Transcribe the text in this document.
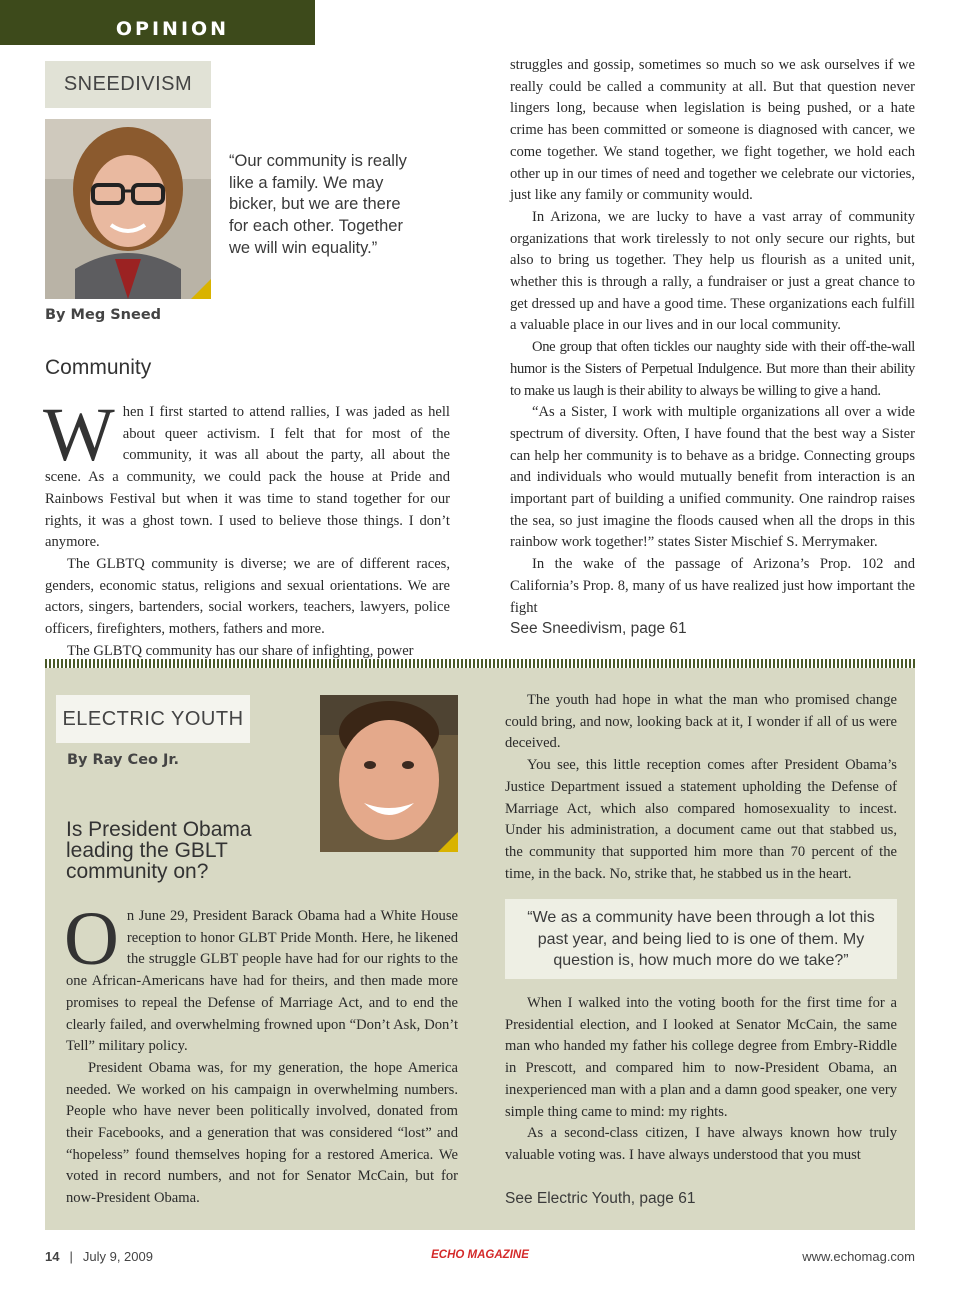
OPINION
SNEEDIVISM
“Our community is really like a family. We may bicker, but we are there for each other. Together we will win equality.”
By Meg Sneed
Community

When I first started to attend rallies, I was jaded as hell about queer activism. I felt that for most of the community, it was all about the party, all about the scene. As a community, we could pack the house at Pride and Rainbows Festival but when it was time to stand together for our rights, it was a ghost town. I used to believe those things. I don’t anymore.

The GLBTQ community is diverse; we are of different races, genders, economic status, religions and sexual orientations. We are actors, singers, bartenders, social workers, teachers, lawyers, police officers, firefighters, mothers, fathers and more.

The GLBTQ community has our share of infighting, power

struggles and gossip, sometimes so much so we ask ourselves if we really could be called a community at all. But that question never lingers long, because when legislation is being pushed, or a hate crime has been committed or someone is diagnosed with cancer, we come together. We stand together, we fight together, we hold each other up in our times of need and together we celebrate our victories, just like any family or community would.

In Arizona, we are lucky to have a vast array of community organizations that work tirelessly to not only secure our rights, but also to bring us together. They help us flourish as a united unit, whether this is through a rally, a fundraiser or just a great chance to get dressed up and have a good time. These organizations each fulfill a valuable place in our lives and in our local community.

One group that often tickles our naughty side with their off-the-wall humor is the Sisters of Perpetual Indulgence. But more than their ability to make us laugh is their ability to always be willing to give a hand.

“As a Sister, I work with multiple organizations all over a wide spectrum of diversity. Often, I have found that the best way a Sister can help her community is to behave as a bridge. Connecting groups and individuals who would mutually benefit from interaction is an important part of building a unified community. One raindrop raises the sea, so just imagine the floods caused when all the drops in this rainbow work together!” states Sister Mischief S. Merrymaker.

In the wake of the passage of Arizona’s Prop. 102 and California’s Prop. 8, many of us have realized just how important the fight

See Sneedivism, page 61
ELECTRIC YOUTH
By Ray Ceo Jr.
Is President Obama leading the GBLT community on?

On June 29, President Barack Obama had a White House reception to honor GLBT Pride Month. Here, he likened the struggle GLBT people have had for our rights to the one African-Americans have had for theirs, and then made more promises to repeal the Defense of Marriage Act, and to end the clearly failed, and overwhelming frowned upon “Don’t Ask, Don’t Tell” military policy.

President Obama was, for my generation, the hope America needed. We worked on his campaign in overwhelming numbers. People who have never been politically involved, donated from their Facebooks, and a generation that was considered “lost” and “hopeless” found themselves hoping for a restored America. We voted in record numbers, and not for Senator McCain, but for now-President Obama.

The youth had hope in what the man who promised change could bring, and now, looking back at it, I wonder if all of us were deceived.

You see, this little reception comes after President Obama’s Justice Department issued a statement upholding the Defense of Marriage Act, which also compared homosexuality to incest. Under his administration, a document came out that stabbed us, the community that supported him more than 70 percent of the time, in the back. No, strike that, he stabbed us in the heart.

“We as a community have been through a lot this past year, and being lied to is one of them. My question is, how much more do we take?”

When I walked into the voting booth for the first time for a Presidential election, and I looked at Senator McCain, the same man who handed my father his college degree from Embry-Riddle in Prescott, and compared him to now-President Obama, an inexperienced man with a plan and a damn good speaker, one very simple thing came to mind: my rights.

As a second-class citizen, I have always known how truly valuable voting was. I have always understood that you must

See Electric Youth, page 61
14 | July 9, 2009	ECHO MAGAZINE	www.echomag.com
